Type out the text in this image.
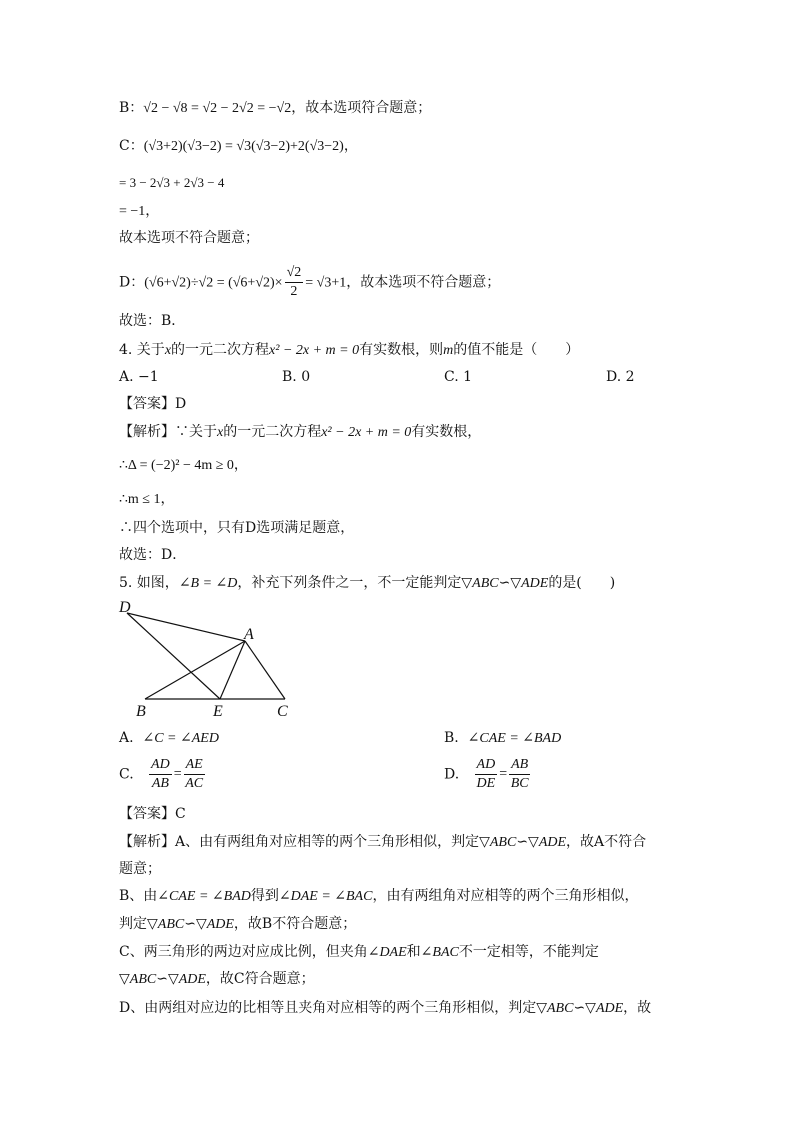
B：√2 − √8 = √2 − 2√2 = −√2，故本选项符合题意；
C：(√3+2)(√3−2) = √3(√3−2)+2(√3−2)，
= 3 − 2√3 + 2√3 − 4
= −1，
故本选项不符合题意；
D：$(√6+√2)\div√2 = (√6+√2)\times \frac{√2}{2} = √3+1$，故本选项不符合题意；
故选：B．
4. 关于x的一元二次方程x² − 2x + m = 0有实数根，则m的值不能是（　　）
A. −1	B. 0	C. 1	D. 2
【答案】D
【解析】∵关于x的一元二次方程x² − 2x + m = 0有实数根，
∴Δ = (−2)² − 4m ≥ 0，
∴m ≤ 1，
∴四个选项中，只有D选项满足题意，
故选：D．
5. 如图，∠B = ∠D，补充下列条件之一，不一定能判定▽ABC∽▽ADE的是(　　)
D
A
B	E	C
A. ∠C = ∠AED	B. ∠CAE = ∠BAD
C. $\frac{AD}{AB} = \frac{AE}{AC}$	D. $\frac{AD}{DE} = \frac{AB}{BC}$
【答案】C
【解析】A、由有两组角对应相等的两个三角形相似，判定▽ABC∽▽ADE，故A不符合
题意；
B、由∠CAE = ∠BAD得到∠DAE = ∠BAC，由有两组角对应相等的两个三角形相似，
判定▽ABC∽▽ADE，故B不符合题意；
C、两三角形的两边对应成比例，但夹角∠DAE和∠BAC不一定相等，不能判定
▽ABC∽▽ADE，故C符合题意；
D、由两组对应边的比相等且夹角对应相等的两个三角形相似，判定▽ABC∽▽ADE，故
